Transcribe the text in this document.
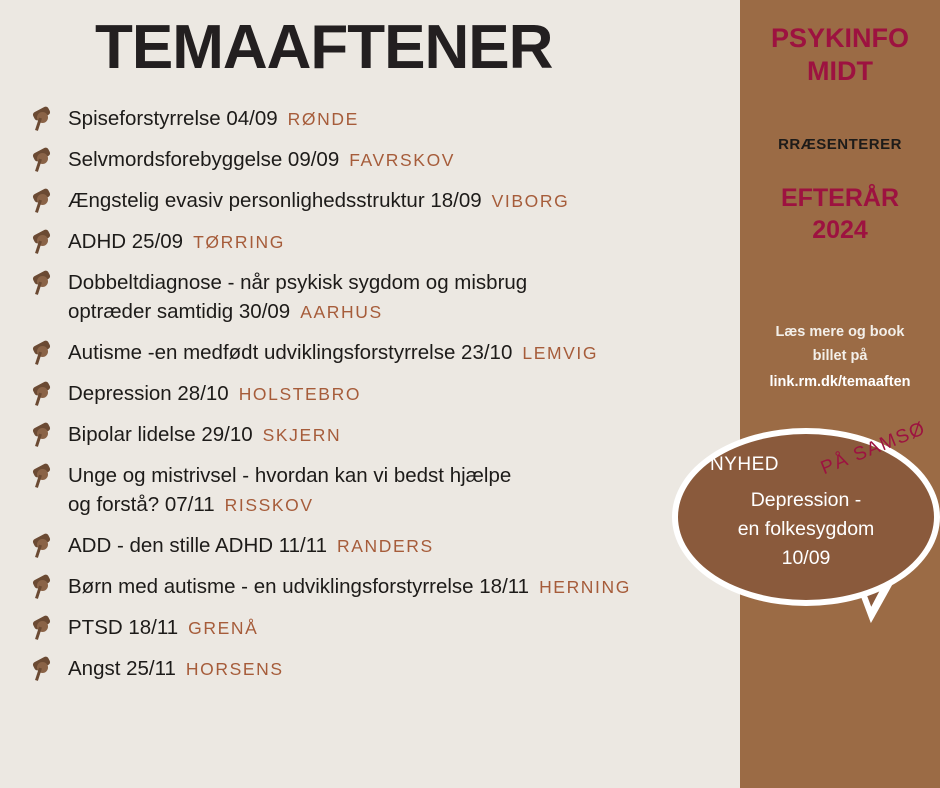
TEMAAFTENER
Spiseforstyrrelse 04/09 RØNDE
Selvmordsforebyggelse 09/09 FAVRSKOV
Ængstelig evasiv personlighedsstruktur 18/09 VIBORG
ADHD 25/09 TØRRING
Dobbeltdiagnose - når psykisk sygdom og misbrug
optræder samtidig 30/09 AARHUS
Autisme -en medfødt udviklingsforstyrrelse 23/10 LEMVIG
Depression 28/10 HOLSTEBRO
Bipolar lidelse 29/10 SKJERN
Unge og mistrivsel - hvordan kan vi bedst hjælpe
og forstå? 07/11 RISSKOV
ADD - den stille ADHD 11/11 RANDERS
Børn med autisme - en udviklingsforstyrrelse 18/11 HERNING
PTSD 18/11 GRENÅ
Angst 25/11 HORSENS
PSYKINFO
MIDT
RRÆSENTERER
EFTERÅR
2024
Læs mere og book
billet på
link.rm.dk/temaaften
NYHED
Depression -
en folkesygdom
10/09
PÅ SAMSØ
